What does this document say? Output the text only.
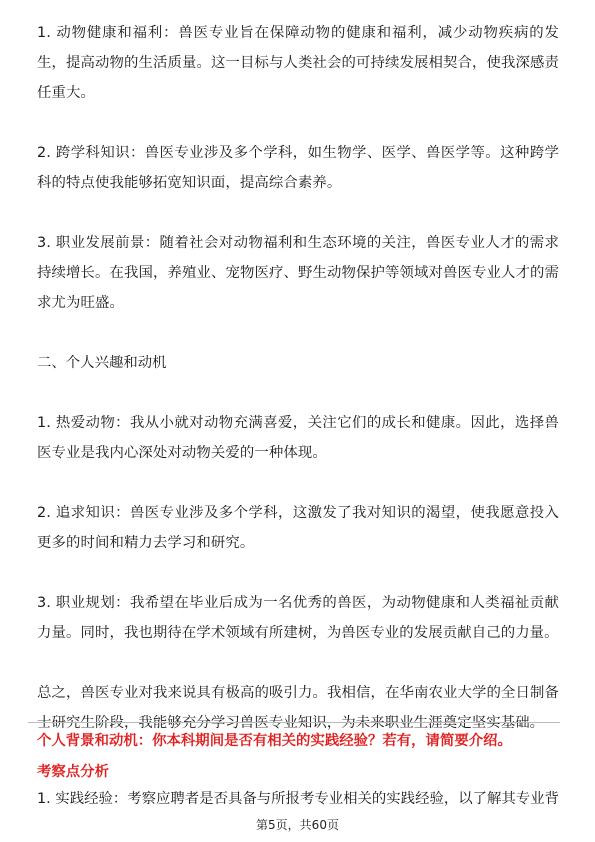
1. 动物健康和福利：兽医专业旨在保障动物的健康和福利，减少动物疾病的发生，提高动物的生活质量。这一目标与人类社会的可持续发展相契合，使我深感责任重大。

2. 跨学科知识：兽医专业涉及多个学科，如生物学、医学、兽医学等。这种跨学科的特点使我能够拓宽知识面，提高综合素养。

3. 职业发展前景：随着社会对动物福利和生态环境的关注，兽医专业人才的需求持续增长。在我国，养殖业、宠物医疗、野生动物保护等领域对兽医专业人才的需求尤为旺盛。

二、个人兴趣和动机

1. 热爱动物：我从小就对动物充满喜爱，关注它们的成长和健康。因此，选择兽医专业是我内心深处对动物关爱的一种体现。

2. 追求知识：兽医专业涉及多个学科，这激发了我对知识的渴望，使我愿意投入更多的时间和精力去学习和研究。

3. 职业规划：我希望在毕业后成为一名优秀的兽医，为动物健康和人类福祉贡献力量。同时，我也期待在学术领域有所建树，为兽医专业的发展贡献自己的力量。

总之，兽医专业对我来说具有极高的吸引力。我相信，在华南农业大学的全日制备士研究生阶段，我能够充分学习兽医专业知识，为未来职业生涯奠定坚实基础。

个人背景和动机：你本科期间是否有相关的实践经验？若有，请简要介绍。

考察点分析

1. 实践经验：考察应聘者是否具备与所报考专业相关的实践经验，以了解其专业背

第5页，共60页
